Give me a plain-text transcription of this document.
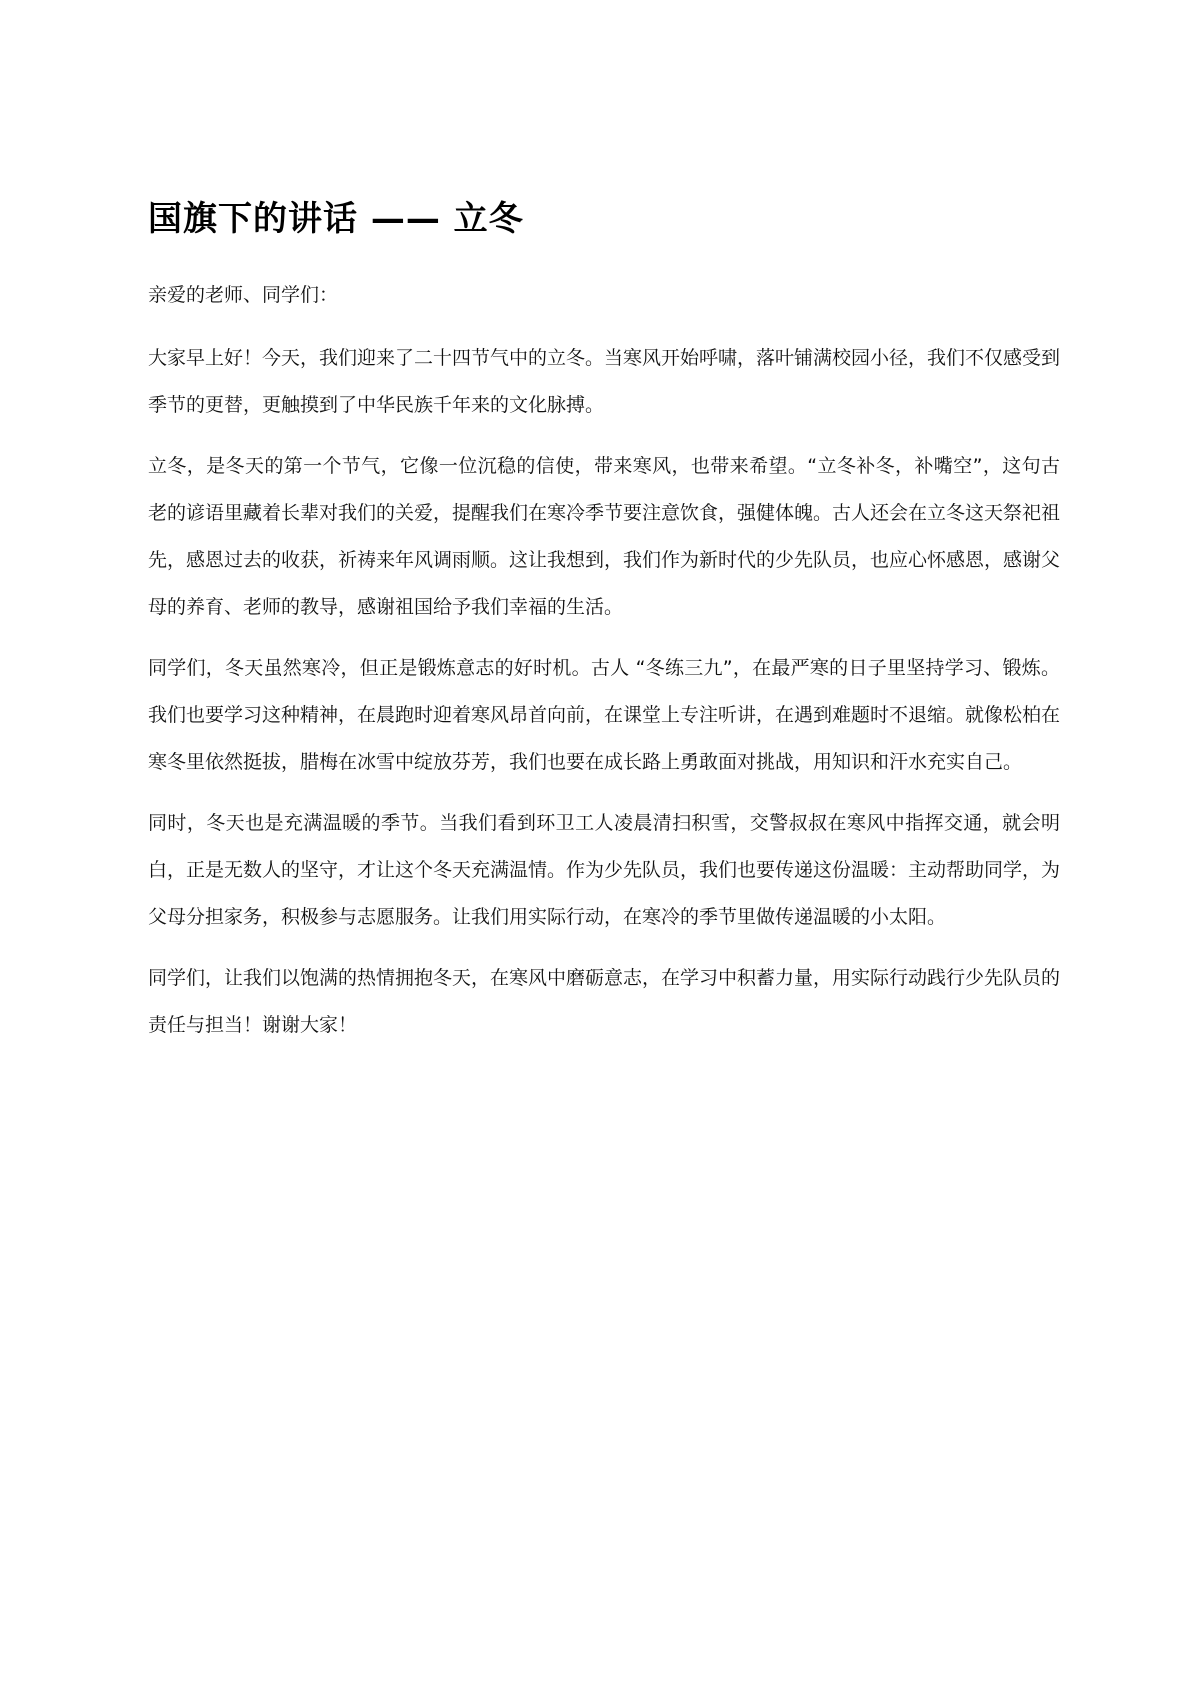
国旗下的讲话 —— 立冬

亲爱的老师、同学们：

大家早上好！今天，我们迎来了二十四节气中的立冬。当寒风开始呼啸，落叶铺满校园小径，我们不仅感受到季节的更替，更触摸到了中华民族千年来的文化脉搏。

立冬，是冬天的第一个节气，它像一位沉稳的信使，带来寒风，也带来希望。“立冬补冬，补嘴空”，这句古老的谚语里藏着长辈对我们的关爱，提醒我们在寒冷季节要注意饮食，强健体魄。古人还会在立冬这天祭祀祖先，感恩过去的收获，祈祷来年风调雨顺。这让我想到，我们作为新时代的少先队员，也应心怀感恩，感谢父母的养育、老师的教导，感谢祖国给予我们幸福的生活。

同学们，冬天虽然寒冷，但正是锻炼意志的好时机。古人 “冬练三九”，在最严寒的日子里坚持学习、锻炼。我们也要学习这种精神，在晨跑时迎着寒风昂首向前，在课堂上专注听讲，在遇到难题时不退缩。就像松柏在寒冬里依然挺拔，腊梅在冰雪中绽放芬芳，我们也要在成长路上勇敢面对挑战，用知识和汗水充实自己。

同时，冬天也是充满温暖的季节。当我们看到环卫工人凌晨清扫积雪，交警叔叔在寒风中指挥交通，就会明白，正是无数人的坚守，才让这个冬天充满温情。作为少先队员，我们也要传递这份温暖：主动帮助同学，为父母分担家务，积极参与志愿服务。让我们用实际行动，在寒冷的季节里做传递温暖的小太阳。

同学们，让我们以饱满的热情拥抱冬天，在寒风中磨砺意志，在学习中积蓄力量，用实际行动践行少先队员的责任与担当！谢谢大家！
